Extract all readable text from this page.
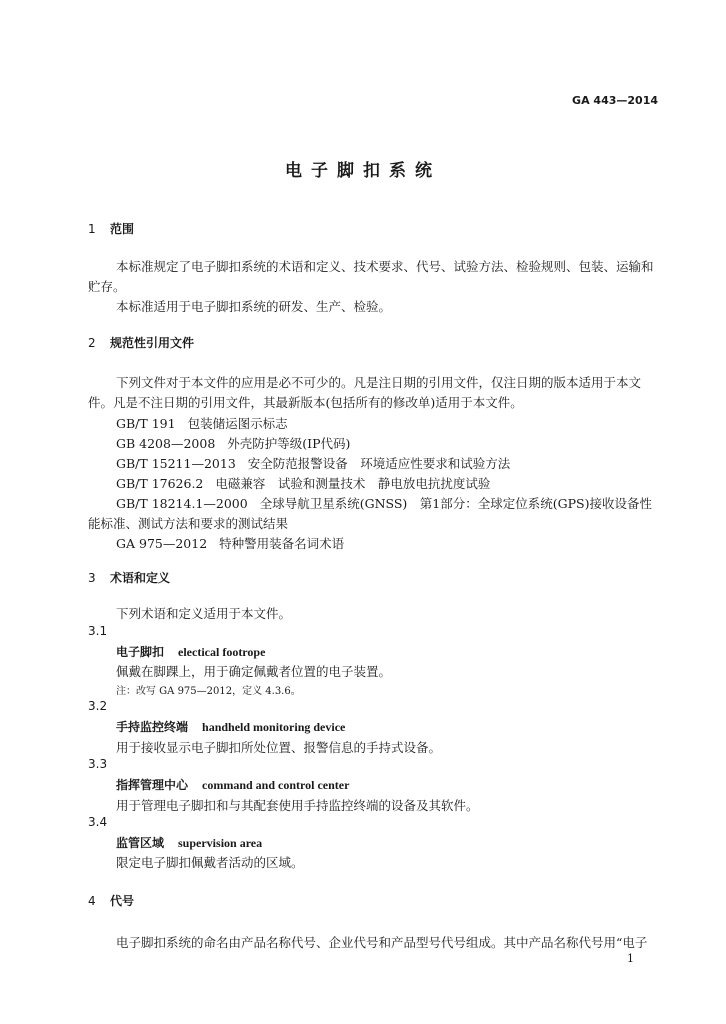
GA 443—2014
电子脚扣系统
1 范围
本标准规定了电子脚扣系统的术语和定义、技术要求、代号、试验方法、检验规则、包装、运输和
贮存。
本标准适用于电子脚扣系统的研发、生产、检验。
2 规范性引用文件
下列文件对于本文件的应用是必不可少的。凡是注日期的引用文件，仅注日期的版本适用于本文
件。凡是不注日期的引用文件，其最新版本(包括所有的修改单)适用于本文件。
GB/T 191 包装储运图示标志
GB 4208—2008 外壳防护等级(IP代码)
GB/T 15211—2013 安全防范报警设备　环境适应性要求和试验方法
GB/T 17626.2 电磁兼容　试验和测量技术　静电放电抗扰度试验
GB/T 18214.1—2000 全球导航卫星系统(GNSS)　第1部分：全球定位系统(GPS)接收设备性
能标准、测试方法和要求的测试结果
GA 975—2012 特种警用装备名词术语
3 术语和定义
下列术语和定义适用于本文件。
3.1
电子脚扣 electical footrope
佩戴在脚踝上，用于确定佩戴者位置的电子装置。
注：改写 GA 975—2012，定义 4.3.6。
3.2
手持监控终端 handheld monitoring device
用于接收显示电子脚扣所处位置、报警信息的手持式设备。
3.3
指挥管理中心 command and control center
用于管理电子脚扣和与其配套使用手持监控终端的设备及其软件。
3.4
监管区域 supervision area
限定电子脚扣佩戴者活动的区域。
4 代号
电子脚扣系统的命名由产品名称代号、企业代号和产品型号代号组成。其中产品名称代号用“电子
1
